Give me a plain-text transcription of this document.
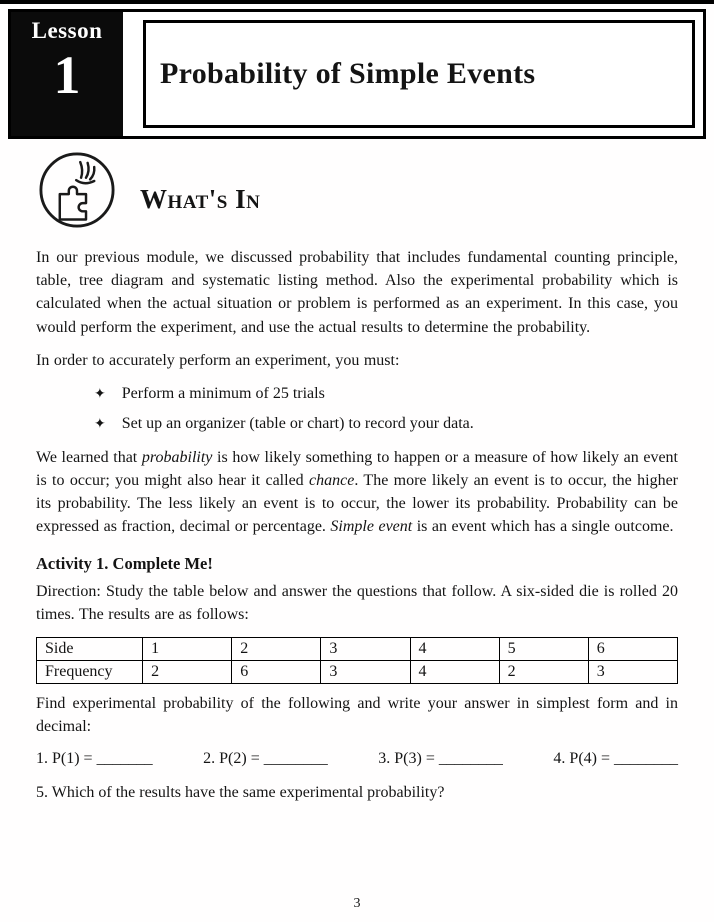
Lesson
1	Probability of Simple Events
What's In

In our previous module, we discussed probability that includes fundamental counting principle, table, tree diagram and systematic listing method. Also the experimental probability which is calculated when the actual situation or problem is performed as an experiment. In this case, you would perform the experiment, and use the actual results to determine the probability.

In order to accurately perform an experiment, you must:

✦ Perform a minimum of 25 trials
✦ Set up an organizer (table or chart) to record your data.

We learned that probability is how likely something to happen or a measure of how likely an event is to occur; you might also hear it called chance. The more likely an event is to occur, the higher its probability. The less likely an event is to occur, the lower its probability. Probability can be expressed as fraction, decimal or percentage. Simple event is an event which has a single outcome.

Activity 1. Complete Me!

Direction: Study the table below and answer the questions that follow. A six-sided die is rolled 20 times. The results are as follows:

Side	1	2	3	4	5	6
Frequency	2	6	3	4	2	3

Find experimental probability of the following and write your answer in simplest form and in decimal:

1. P(1) = _______	2. P(2) = ________	3. P(3) = ________	4. P(4) = ________
5. Which of the results have the same experimental probability?
3
